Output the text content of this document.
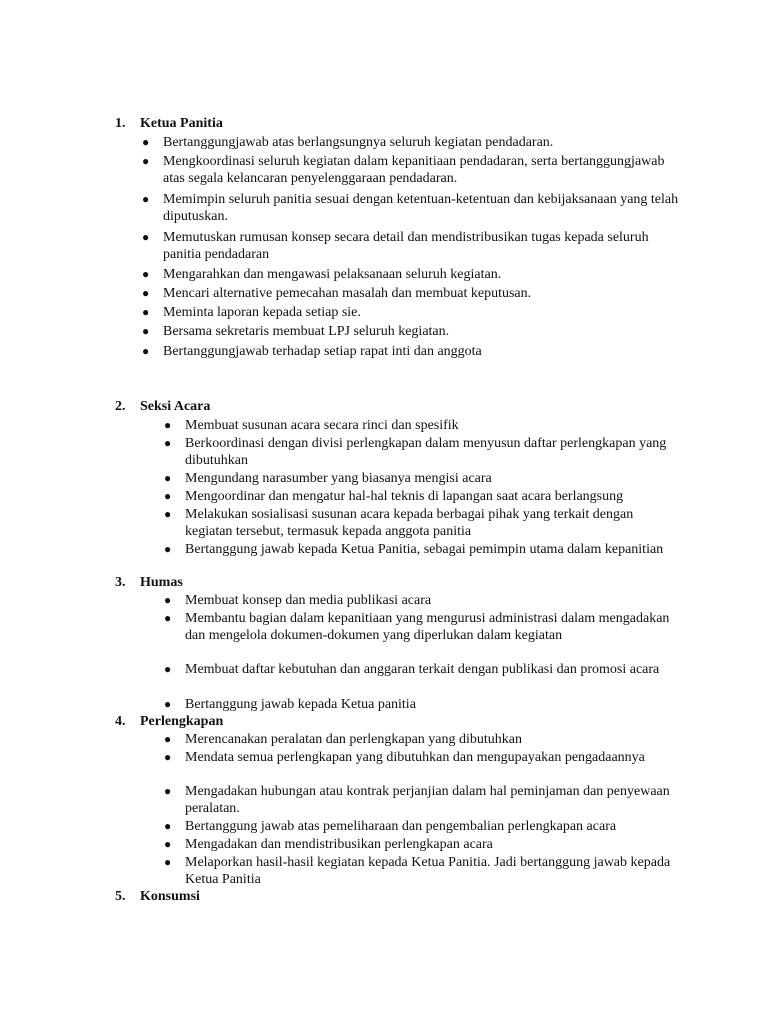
1. Ketua Panitia
● Bertanggungjawab atas berlangsungnya seluruh kegiatan pendadaran.
● Mengkoordinasi seluruh kegiatan dalam kepanitiaan pendadaran, serta bertanggungjawab atas segala kelancaran penyelenggaraan pendadaran.
● Memimpin seluruh panitia sesuai dengan ketentuan-ketentuan dan kebijaksanaan yang telah diputuskan.
● Memutuskan rumusan konsep secara detail dan mendistribusikan tugas kepada seluruh panitia pendadaran
● Mengarahkan dan mengawasi pelaksanaan seluruh kegiatan.
● Mencari alternative pemecahan masalah dan membuat keputusan.
● Meminta laporan kepada setiap sie.
● Bersama sekretaris membuat LPJ seluruh kegiatan.
● Bertanggungjawab terhadap setiap rapat inti dan anggota
2. Seksi Acara
● Membuat susunan acara secara rinci dan spesifik
● Berkoordinasi dengan divisi perlengkapan dalam menyusun daftar perlengkapan yang dibutuhkan
● Mengundang narasumber yang biasanya mengisi acara
● Mengoordinar dan mengatur hal-hal teknis di lapangan saat acara berlangsung
● Melakukan sosialisasi susunan acara kepada berbagai pihak yang terkait dengan kegiatan tersebut, termasuk kepada anggota panitia
● Bertanggung jawab kepada Ketua Panitia, sebagai pemimpin utama dalam kepanitian
3. Humas
● Membuat konsep dan media publikasi acara
● Membantu bagian dalam kepanitiaan yang mengurusi administrasi dalam mengadakan dan mengelola dokumen-dokumen yang diperlukan dalam kegiatan
● Membuat daftar kebutuhan dan anggaran terkait dengan publikasi dan promosi acara
● Bertanggung jawab kepada Ketua panitia
4. Perlengkapan
● Merencanakan peralatan dan perlengkapan yang dibutuhkan
● Mendata semua perlengkapan yang dibutuhkan dan mengupayakan pengadaannya
● Mengadakan hubungan atau kontrak perjanjian dalam hal peminjaman dan penyewaan peralatan.
● Bertanggung jawab atas pemeliharaan dan pengembalian perlengkapan acara
● Mengadakan dan mendistribusikan perlengkapan acara
● Melaporkan hasil-hasil kegiatan kepada Ketua Panitia. Jadi bertanggung jawab kepada Ketua Panitia
5. Konsumsi
